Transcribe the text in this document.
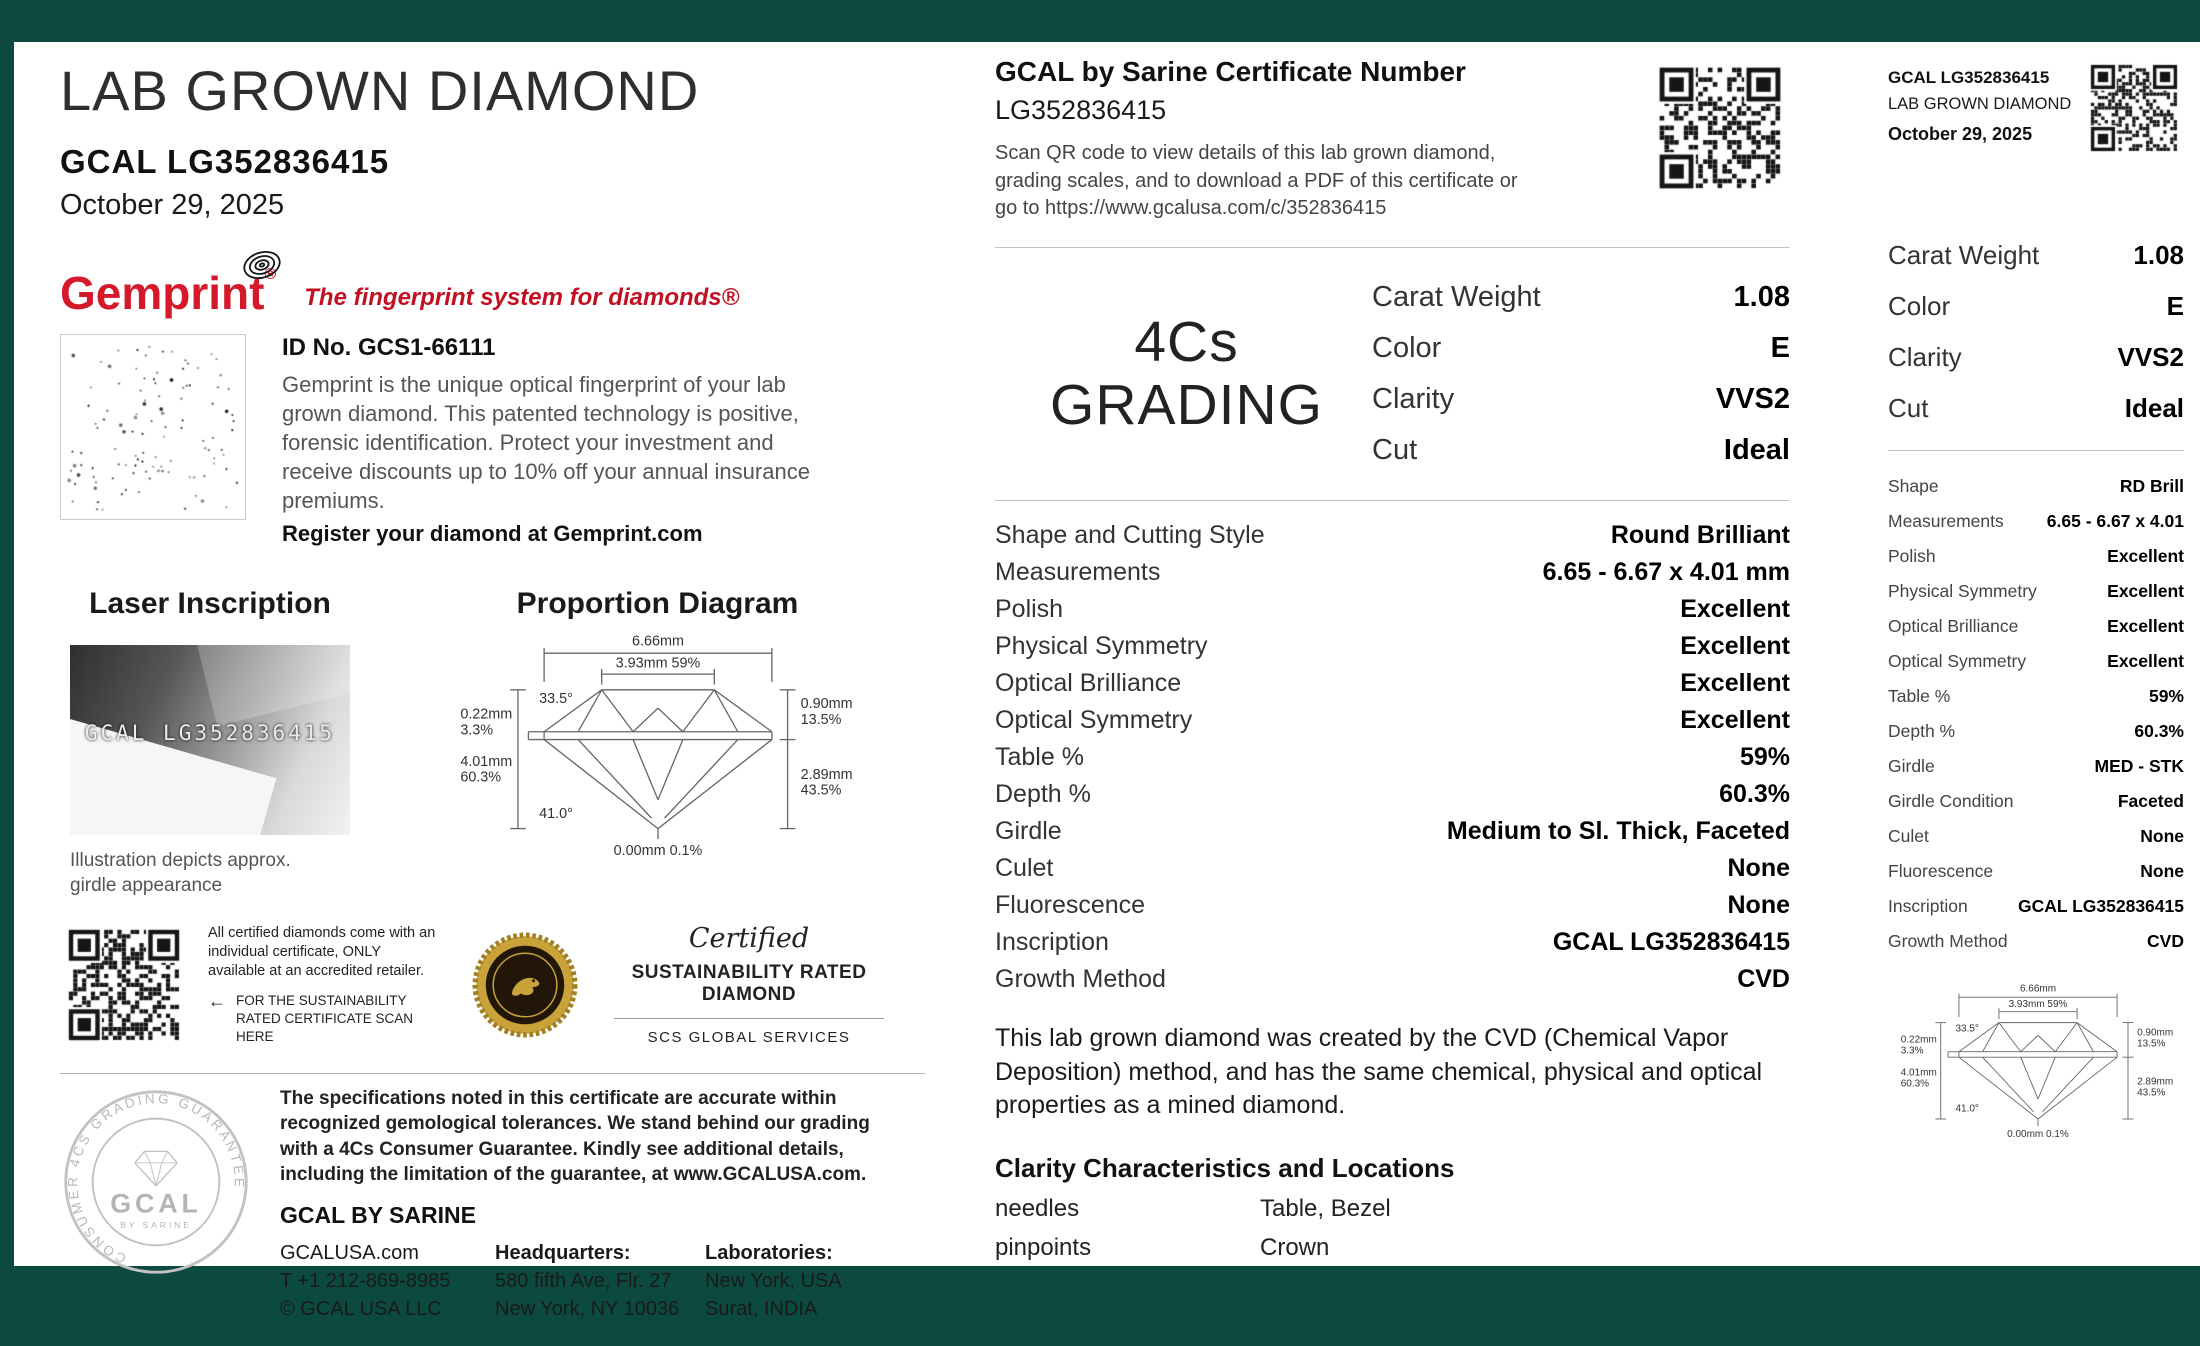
LAB GROWN DIAMOND
GCAL LG352836415
October 29, 2025
Gemprint®
The fingerprint system for diamonds®
ID No. GCS1-66111

Gemprint is the unique optical fingerprint of your lab grown diamond. This patented technology is positive, forensic identification. Protect your investment and receive discounts up to 10% off your annual insurance premiums.

Register your diamond at Gemprint.com
Laser Inscription
GCAL LG352836415
Illustration depicts approx. girdle appearance
Proportion Diagram
6.66mm
3.93mm 59%
33.5°
0.22mm
3.3%
4.01mm
60.3%
0.90mm
13.5%
2.89mm
43.5%
41.0°
0.00mm 0.1%
All certified diamonds come with an individual certificate, ONLY available at an accredited retailer.
← FOR THE SUSTAINABILITY RATED CERTIFICATE SCAN HERE
Certified
SUSTAINABILITY RATED DIAMOND
SCS GLOBAL SERVICES
CONSUMER 4CS GRADING GUARANTEE
GCAL
BY SARINE

The specifications noted in this certificate are accurate within recognized gemological tolerances. We stand behind our grading with a 4Cs Consumer Guarantee. Kindly see additional details, including the limitation of the guarantee, at www.GCALUSA.com.

GCAL BY SARINE
GCALUSA.com
T +1 212-869-8985
© GCAL USA LLC
Headquarters:
580 fifth Ave, Flr. 27
New York, NY 10036
Laboratories:
New York, USA
Surat, INDIA
GCAL by Sarine Certificate Number
LG352836415

Scan QR code to view details of this lab grown diamond, grading scales, and to download a PDF of this certificate or go to https://www.gcalusa.com/c/352836415

4Cs
GRADING
Carat Weight	1.08
Color	E
Clarity	VVS2
Cut	Ideal
Shape and Cutting Style	Round Brilliant
Measurements	6.65 - 6.67 x 4.01 mm
Polish	Excellent
Physical Symmetry	Excellent
Optical Brilliance	Excellent
Optical Symmetry	Excellent
Table %	59%
Depth %	60.3%
Girdle	Medium to Sl. Thick, Faceted
Culet	None
Fluorescence	None
Inscription	GCAL LG352836415
Growth Method	CVD

This lab grown diamond was created by the CVD (Chemical Vapor Deposition) method, and has the same chemical, physical and optical properties as a mined diamond.

Clarity Characteristics and Locations
needles	Table, Bezel
pinpoints	Crown
GCAL LG352836415
LAB GROWN DIAMOND
October 29, 2025
Carat Weight	1.08
Color	E
Clarity	VVS2
Cut	Ideal
Shape	RD Brill
Measurements 6.65 - 6.67 x 4.01
Polish	Excellent
Physical Symmetry	Excellent
Optical Brilliance	Excellent
Optical Symmetry	Excellent
Table %	59%
Depth %	60.3%
Girdle	MED - STK
Girdle Condition	Faceted
Culet	None
Fluorescence	None
Inscription	GCAL LG352836415
Growth Method	CVD
6.66mm
3.93mm 59%
33.5°
0.22mm
3.3%
4.01mm
60.3%
0.90mm
13.5%
2.89mm
43.5%
41.0°
0.00mm 0.1%
